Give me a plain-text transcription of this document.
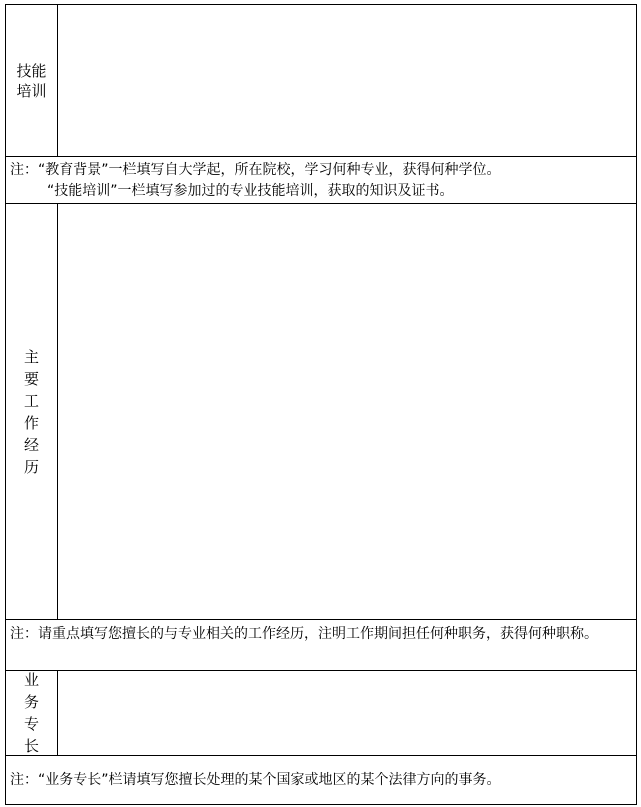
技能培训
注：“教育背景”一栏填写自大学起，所在院校，学习何种专业，获得何种学位。
“技能培训”一栏填写参加过的专业技能培训，获取的知识及证书。
主要工作经历
注：请重点填写您擅长的与专业相关的工作经历，注明工作期间担任何种职务，获得何种职称。
业务专长
注：“业务专长”栏请填写您擅长处理的某个国家或地区的某个法律方向的事务。
